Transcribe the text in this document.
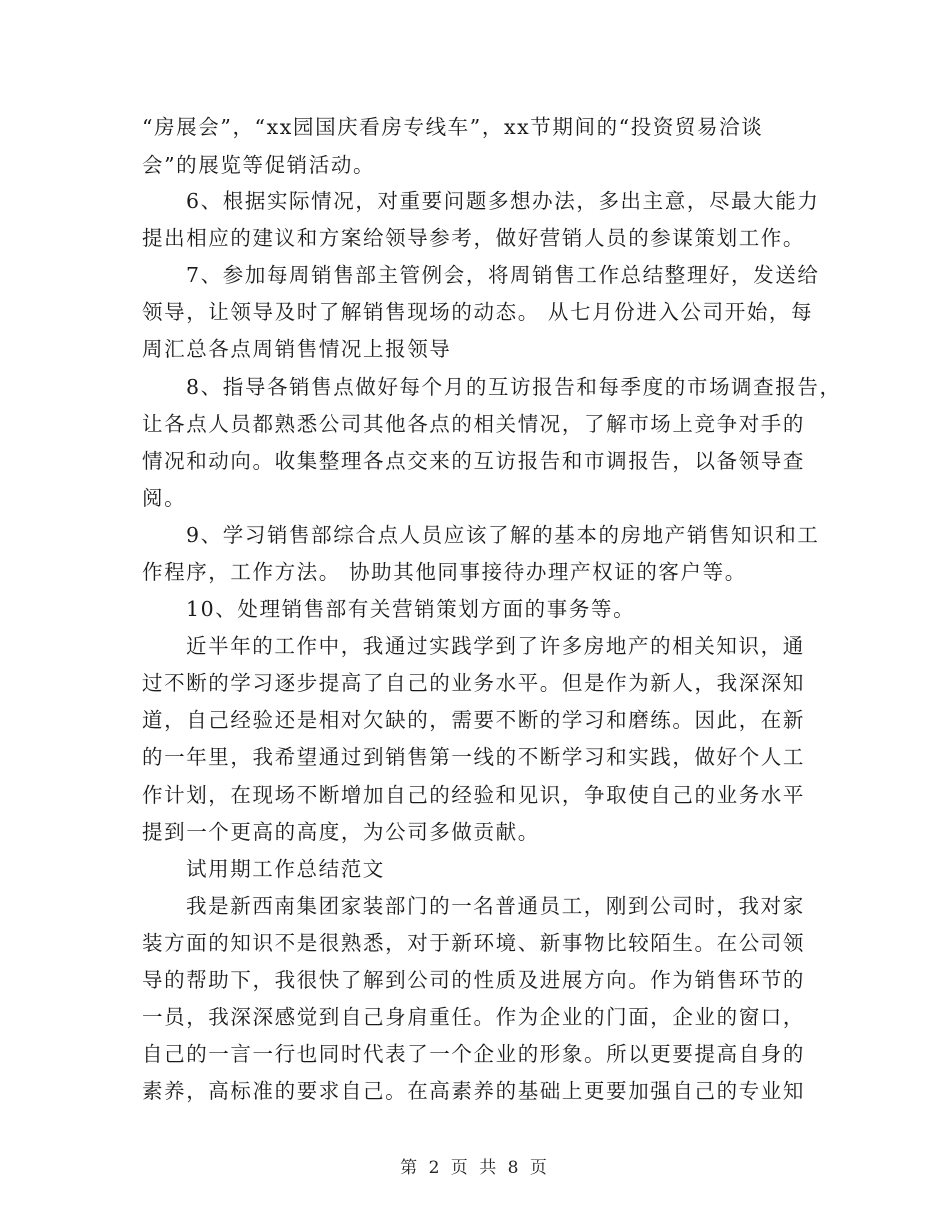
“房展会”，“xx园国庆看房专线车”，xx节期间的“投资贸易洽谈
会”的展览等促销活动。
6、根据实际情况，对重要问题多想办法，多出主意，尽最大能力
提出相应的建议和方案给领导参考，做好营销人员的参谋策划工作。
7、参加每周销售部主管例会，将周销售工作总结整理好，发送给
领导，让领导及时了解销售现场的动态。 从七月份进入公司开始，每
周汇总各点周销售情况上报领导
8、指导各销售点做好每个月的互访报告和每季度的市场调查报告，
让各点人员都熟悉公司其他各点的相关情况，了解市场上竞争对手的
情况和动向。收集整理各点交来的互访报告和市调报告，以备领导查
阅。
9、学习销售部综合点人员应该了解的基本的房地产销售知识和工
作程序，工作方法。 协助其他同事接待办理产权证的客户等。
10、处理销售部有关营销策划方面的事务等。
近半年的工作中，我通过实践学到了许多房地产的相关知识，通
过不断的学习逐步提高了自己的业务水平。但是作为新人，我深深知
道，自己经验还是相对欠缺的，需要不断的学习和磨练。因此，在新
的一年里，我希望通过到销售第一线的不断学习和实践，做好个人工
作计划，在现场不断增加自己的经验和见识，争取使自己的业务水平
提到一个更高的高度，为公司多做贡献。
试用期工作总结范文
我是新西南集团家装部门的一名普通员工，刚到公司时，我对家
装方面的知识不是很熟悉，对于新环境、新事物比较陌生。在公司领
导的帮助下，我很快了解到公司的性质及进展方向。作为销售环节的
一员，我深深感觉到自己身肩重任。作为企业的门面，企业的窗口，
自己的一言一行也同时代表了一个企业的形象。所以更要提高自身的
素养，高标准的要求自己。在高素养的基础上更要加强自己的专业知
第 2 页 共 8 页
